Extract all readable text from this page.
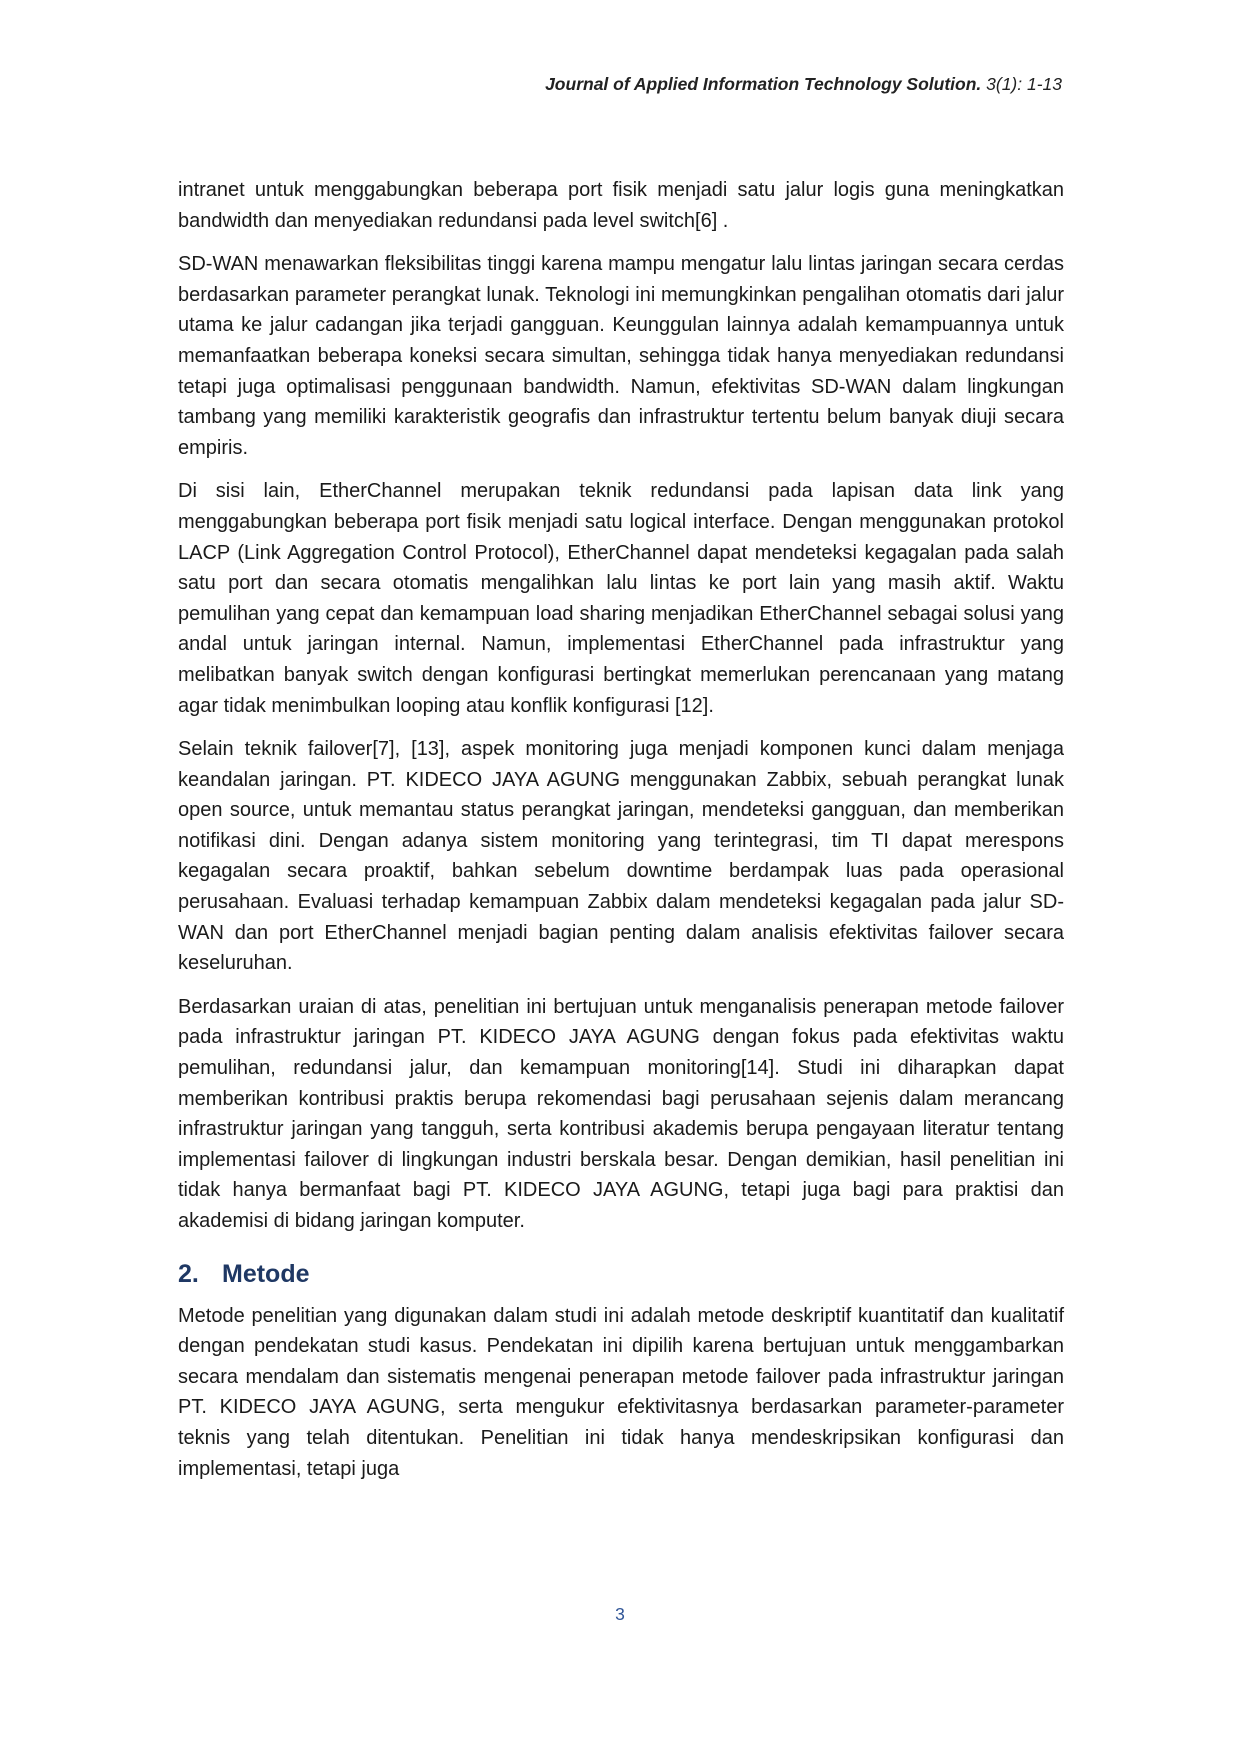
Journal of Applied Information Technology Solution. 3(1): 1-13

intranet untuk menggabungkan beberapa port fisik menjadi satu jalur logis guna meningkatkan bandwidth dan menyediakan redundansi pada level switch[6] .

SD-WAN menawarkan fleksibilitas tinggi karena mampu mengatur lalu lintas jaringan secara cerdas berdasarkan parameter perangkat lunak. Teknologi ini memungkinkan pengalihan otomatis dari jalur utama ke jalur cadangan jika terjadi gangguan. Keunggulan lainnya adalah kemampuannya untuk memanfaatkan beberapa koneksi secara simultan, sehingga tidak hanya menyediakan redundansi tetapi juga optimalisasi penggunaan bandwidth. Namun, efektivitas SD-WAN dalam lingkungan tambang yang memiliki karakteristik geografis dan infrastruktur tertentu belum banyak diuji secara empiris.

Di sisi lain, EtherChannel merupakan teknik redundansi pada lapisan data link yang menggabungkan beberapa port fisik menjadi satu logical interface. Dengan menggunakan protokol LACP (Link Aggregation Control Protocol), EtherChannel dapat mendeteksi kegagalan pada salah satu port dan secara otomatis mengalihkan lalu lintas ke port lain yang masih aktif. Waktu pemulihan yang cepat dan kemampuan load sharing menjadikan EtherChannel sebagai solusi yang andal untuk jaringan internal. Namun, implementasi EtherChannel pada infrastruktur yang melibatkan banyak switch dengan konfigurasi bertingkat memerlukan perencanaan yang matang agar tidak menimbulkan looping atau konflik konfigurasi [12].

Selain teknik failover[7], [13], aspek monitoring juga menjadi komponen kunci dalam menjaga keandalan jaringan. PT. KIDECO JAYA AGUNG menggunakan Zabbix, sebuah perangkat lunak open source, untuk memantau status perangkat jaringan, mendeteksi gangguan, dan memberikan notifikasi dini. Dengan adanya sistem monitoring yang terintegrasi, tim TI dapat merespons kegagalan secara proaktif, bahkan sebelum downtime berdampak luas pada operasional perusahaan. Evaluasi terhadap kemampuan Zabbix dalam mendeteksi kegagalan pada jalur SD-WAN dan port EtherChannel menjadi bagian penting dalam analisis efektivitas failover secara keseluruhan.

Berdasarkan uraian di atas, penelitian ini bertujuan untuk menganalisis penerapan metode failover pada infrastruktur jaringan PT. KIDECO JAYA AGUNG dengan fokus pada efektivitas waktu pemulihan, redundansi jalur, dan kemampuan monitoring[14]. Studi ini diharapkan dapat memberikan kontribusi praktis berupa rekomendasi bagi perusahaan sejenis dalam merancang infrastruktur jaringan yang tangguh, serta kontribusi akademis berupa pengayaan literatur tentang implementasi failover di lingkungan industri berskala besar. Dengan demikian, hasil penelitian ini tidak hanya bermanfaat bagi PT. KIDECO JAYA AGUNG, tetapi juga bagi para praktisi dan akademisi di bidang jaringan komputer.

2. Metode

Metode penelitian yang digunakan dalam studi ini adalah metode deskriptif kuantitatif dan kualitatif dengan pendekatan studi kasus. Pendekatan ini dipilih karena bertujuan untuk menggambarkan secara mendalam dan sistematis mengenai penerapan metode failover pada infrastruktur jaringan PT. KIDECO JAYA AGUNG, serta mengukur efektivitasnya berdasarkan parameter-parameter teknis yang telah ditentukan. Penelitian ini tidak hanya mendeskripsikan konfigurasi dan implementasi, tetapi juga

3
